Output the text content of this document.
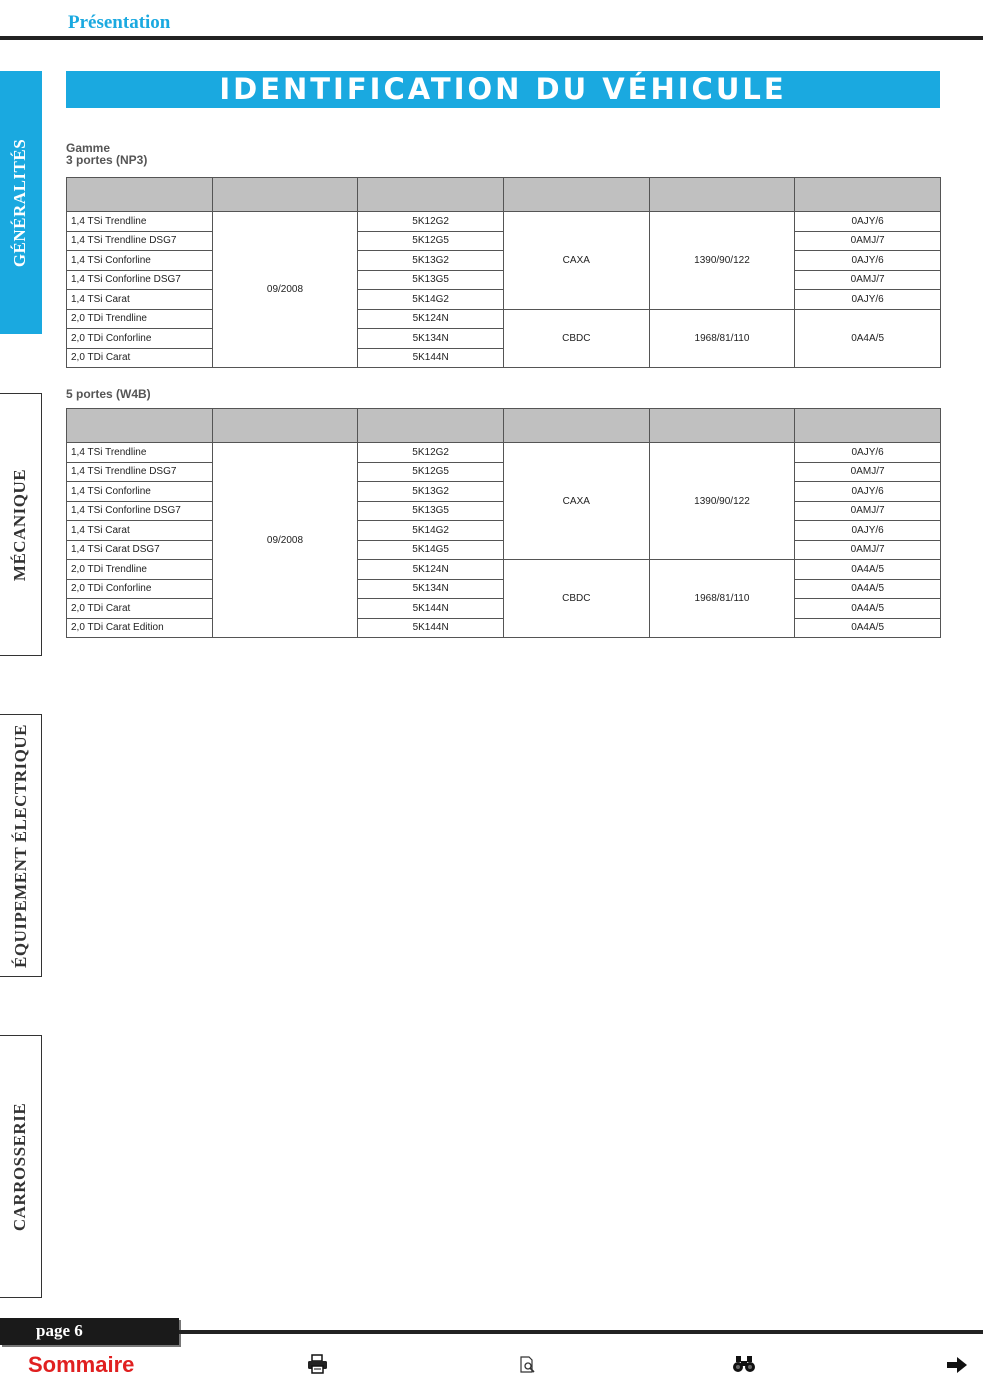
Présentation
GÉNÉRALITÉS
MÉCANIQUE
ÉQUIPEMENT ÉLECTRIQUE
CARROSSERIE
IDENTIFICATION DU VÉHICULE
Gamme
3 portes (NP3)

1,4 TSi Trendline	09/2008	5K12G2	CAXA	1390/90/122	0AJY/6
1,4 TSi Trendline DSG7		5K12G5			0AMJ/7
1,4 TSi Conforline		5K13G2			0AJY/6
1,4 TSi Conforline DSG7		5K13G5			0AMJ/7
1,4 TSi Carat		5K14G2			0AJY/6
2,0 TDi Trendline		5K124N	CBDC	1968/81/110	0A4A/5
2,0 TDi Conforline		5K134N			
2,0 TDi Carat		5K144N			
5 portes (W4B)

1,4 TSi Trendline	09/2008	5K12G2	CAXA	1390/90/122	0AJY/6
1,4 TSi Trendline DSG7		5K12G5			0AMJ/7
1,4 TSi Conforline		5K13G2			0AJY/6
1,4 TSi Conforline DSG7		5K13G5			0AMJ/7
1,4 TSi Carat		5K14G2			0AJY/6
1,4 TSi Carat DSG7		5K14G5			0AMJ/7
2,0 TDi Trendline		5K124N	CBDC	1968/81/110	0A4A/5
2,0 TDi Conforline		5K134N			0A4A/5
2,0 TDi Carat		5K144N			0A4A/5
2,0 TDi Carat Edition		5K144N			0A4A/5
page 6
Sommaire
